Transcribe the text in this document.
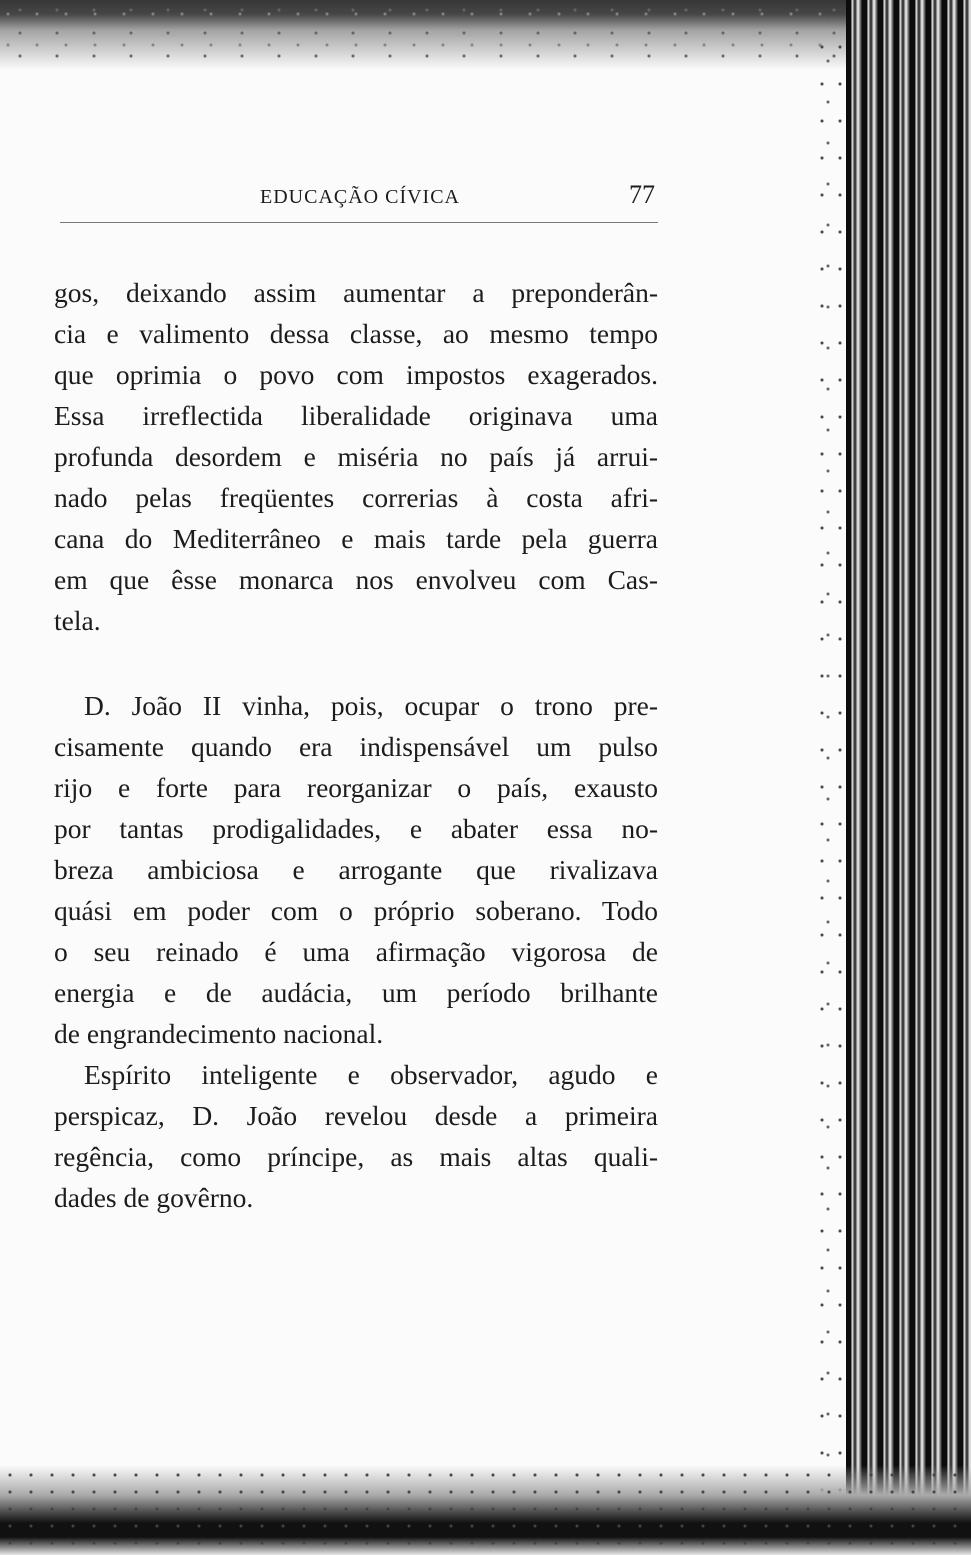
EDUCAÇÃO CÍVICA	77
gos, deixando assim aumentar a preponderân-
cia e valimento dessa classe, ao mesmo tempo
que oprimia o povo com impostos exagerados.
Essa irreflectida liberalidade originava uma
profunda desordem e miséria no país já arrui-
nado pelas freqüentes correrias à costa afri-
cana do Mediterrâneo e mais tarde pela guerra
em que êsse monarca nos envolveu com Cas-
tela.
D. João II vinha, pois, ocupar o trono pre-
cisamente quando era indispensável um pulso
rijo e forte para reorganizar o país, exausto
por tantas prodigalidades, e abater essa no-
breza ambiciosa e arrogante que rivalizava
quási em poder com o próprio soberano. Todo
o seu reinado é uma afirmação vigorosa de
energia e de audácia, um período brilhante
de engrandecimento nacional.
Espírito inteligente e observador, agudo e
perspicaz, D. João revelou desde a primeira
regência, como príncipe, as mais altas quali-
dades de govêrno.
